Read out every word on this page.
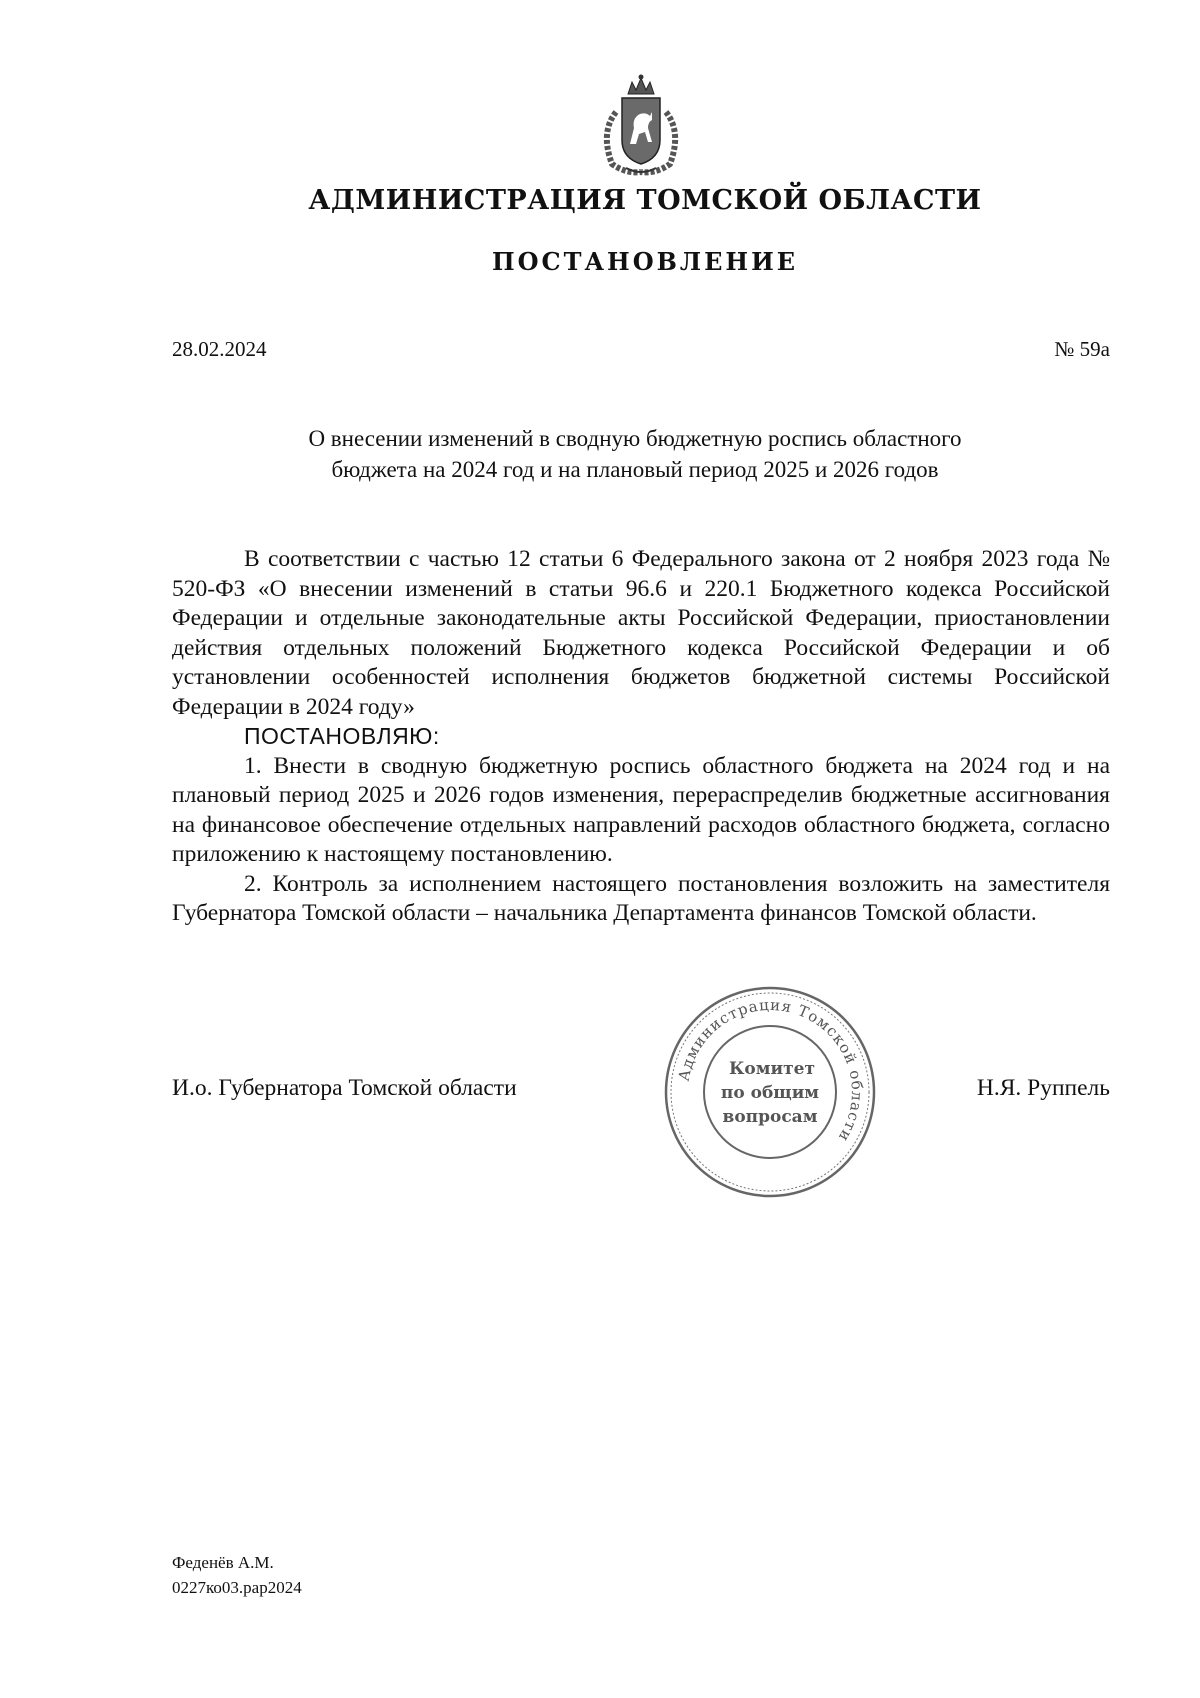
АДМИНИСТРАЦИЯ ТОМСКОЙ ОБЛАСТИ
ПОСТАНОВЛЕНИЕ
28.02.2024	№ 59а
О внесении изменений в сводную бюджетную роспись областного
бюджета на 2024 год и на плановый период 2025 и 2026 годов

В соответствии с частью 12 статьи 6 Федерального закона от 2 ноября 2023 года № 520-ФЗ «О внесении изменений в статьи 96.6 и 220.1 Бюджетного кодекса Российской Федерации и отдельные законодательные акты Российской Федерации, приостановлении действия отдельных положений Бюджетного кодекса Российской Федерации и об установлении особенностей исполнения бюджетов бюджетной системы Российской Федерации в 2024 году»

ПОСТАНОВЛЯЮ:

1. Внести в сводную бюджетную роспись областного бюджета на 2024 год и на плановый период 2025 и 2026 годов изменения, перераспределив бюджетные ассигнования на финансовое обеспечение отдельных направлений расходов областного бюджета, согласно приложению к настоящему постановлению.

2. Контроль за исполнением настоящего постановления возложить на заместителя Губернатора Томской области – начальника Департамента финансов Томской области.

И.о. Губернатора Томской области	Н.Я. Руппель
Администрация Томской области
Комитет
по общим
вопросам
Феденёв А.М.
0227ко03.рар2024
